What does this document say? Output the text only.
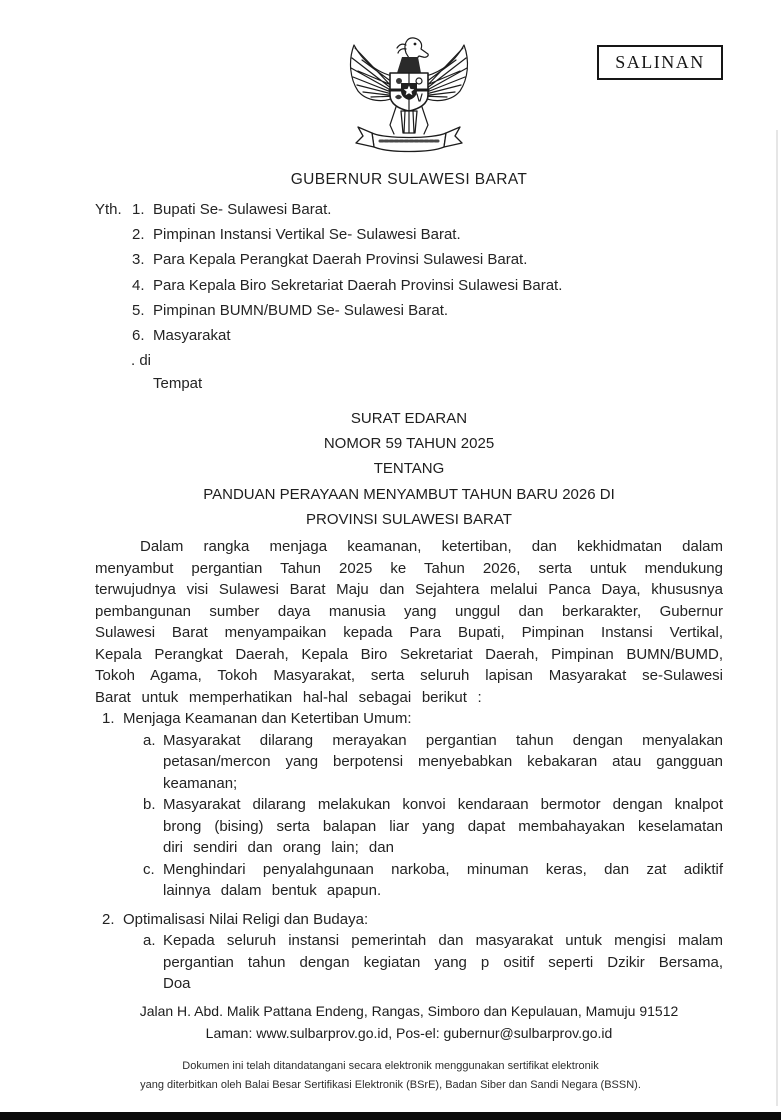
SALINAN
GUBERNUR SULAWESI BARAT
Yth. 1. Bupati Se- Sulawesi Barat.
2. Pimpinan Instansi Vertikal Se- Sulawesi Barat.
3. Para Kepala Perangkat Daerah Provinsi Sulawesi Barat.
4. Para Kepala Biro Sekretariat Daerah Provinsi Sulawesi Barat.
5. Pimpinan BUMN/BUMD Se- Sulawesi Barat.
6. Masyarakat
. di
Tempat
SURAT EDARAN
NOMOR 59 TAHUN 2025
TENTANG
PANDUAN PERAYAAN MENYAMBUT TAHUN BARU 2026 DI
PROVINSI SULAWESI BARAT

Dalam rangka menjaga keamanan, ketertiban, dan kekhidmatan dalam menyambut pergantian Tahun 2025 ke Tahun 2026, serta untuk mendukung terwujudnya visi Sulawesi Barat Maju dan Sejahtera melalui Panca Daya, khususnya pembangunan sumber daya manusia yang unggul dan berkarakter, Gubernur Sulawesi Barat menyampaikan kepada Para Bupati, Pimpinan Instansi Vertikal, Kepala Perangkat Daerah, Kepala Biro Sekretariat Daerah, Pimpinan BUMN/BUMD, Tokoh Agama, Tokoh Masyarakat, serta seluruh lapisan Masyarakat se-Sulawesi Barat untuk memperhatikan hal-hal sebagai berikut :

1. Menjaga Keamanan dan Ketertiban Umum:
a. Masyarakat dilarang merayakan pergantian tahun dengan menyalakan petasan/mercon yang berpotensi menyebabkan kebakaran atau gangguan keamanan;
b. Masyarakat dilarang melakukan konvoi kendaraan bermotor dengan knalpot brong (bising) serta balapan liar yang dapat membahayakan keselamatan diri sendiri dan orang lain; dan
c. Menghindari penyalahgunaan narkoba, minuman keras, dan zat adiktif lainnya dalam bentuk apapun.
2. Optimalisasi Nilai Religi dan Budaya:
a. Kepada seluruh instansi pemerintah dan masyarakat untuk mengisi malam pergantian tahun dengan kegiatan yang p ositif seperti Dzikir Bersama, Doa
Jalan H. Abd. Malik Pattana Endeng, Rangas, Simboro dan Kepulauan, Mamuju 91512
Laman: www.sulbarprov.go.id, Pos-el: gubernur@sulbarprov.go.id
Dokumen ini telah ditandatangani secara elektronik menggunakan sertifikat elektronik
yang diterbitkan oleh Balai Besar Sertifikasi Elektronik (BSrE), Badan Siber dan Sandi Negara (BSSN).
